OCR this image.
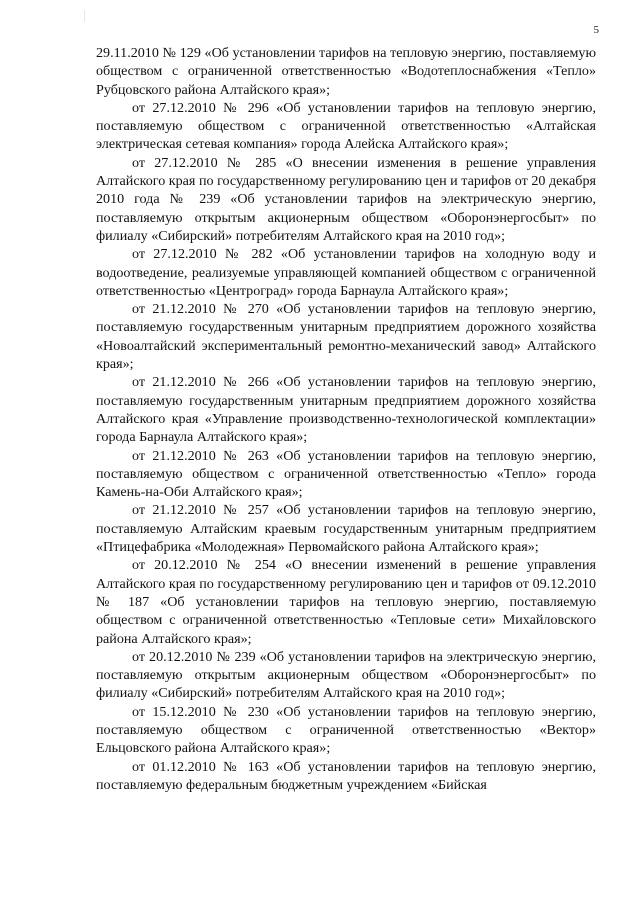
5

29.11.2010 № 129 «Об установлении тарифов на тепловую энергию, поставляемую обществом с ограниченной ответственностью «Водотеплоснабжения «Тепло» Рубцовского района Алтайского края»;

от 27.12.2010 № 296 «Об установлении тарифов на тепловую энергию, поставляемую обществом с ограниченной ответственностью «Алтайская электрическая сетевая компания» города Алейска Алтайского края»;

от 27.12.2010 № 285 «О внесении изменения в решение управления Алтайского края по государственному регулированию цен и тарифов от 20 декабря 2010 года № 239 «Об установлении тарифов на электрическую энергию, поставляемую открытым акционерным обществом «Оборонэнергосбыт» по филиалу «Сибирский» потребителям Алтайского края на 2010 год»;

от 27.12.2010 № 282 «Об установлении тарифов на холодную воду и водоотведение, реализуемые управляющей компанией обществом с ограниченной ответственностью «Центроград» города Барнаула Алтайского края»;

от 21.12.2010 № 270 «Об установлении тарифов на тепловую энергию, поставляемую государственным унитарным предприятием дорожного хозяйства «Новоалтайский экспериментальный ремонтно-механический завод» Алтайского края»;

от 21.12.2010 № 266 «Об установлении тарифов на тепловую энергию, поставляемую государственным унитарным предприятием дорожного хозяйства Алтайского края «Управление производственно-технологической комплектации» города Барнаула Алтайского края»;

от 21.12.2010 № 263 «Об установлении тарифов на тепловую энергию, поставляемую обществом с ограниченной ответственностью «Тепло» города Камень-на-Оби Алтайского края»;

от 21.12.2010 № 257 «Об установлении тарифов на тепловую энергию, поставляемую Алтайским краевым государственным унитарным предприятием «Птицефабрика «Молодежная» Первомайского района Алтайского края»;

от 20.12.2010 № 254 «О внесении изменений в решение управления Алтайского края по государственному регулированию цен и тарифов от 09.12.2010 № 187 «Об установлении тарифов на тепловую энергию, поставляемую обществом с ограниченной ответственностью «Тепловые сети» Михайловского района Алтайского края»;

от 20.12.2010 № 239 «Об установлении тарифов на электрическую энергию, поставляемую открытым акционерным обществом «Оборонэнергосбыт» по филиалу «Сибирский» потребителям Алтайского края на 2010 год»;

от 15.12.2010 № 230 «Об установлении тарифов на тепловую энергию, поставляемую обществом с ограниченной ответственностью «Вектор» Ельцовского района Алтайского края»;

от 01.12.2010 № 163 «Об установлении тарифов на тепловую энергию, поставляемую федеральным бюджетным учреждением «Бийская
